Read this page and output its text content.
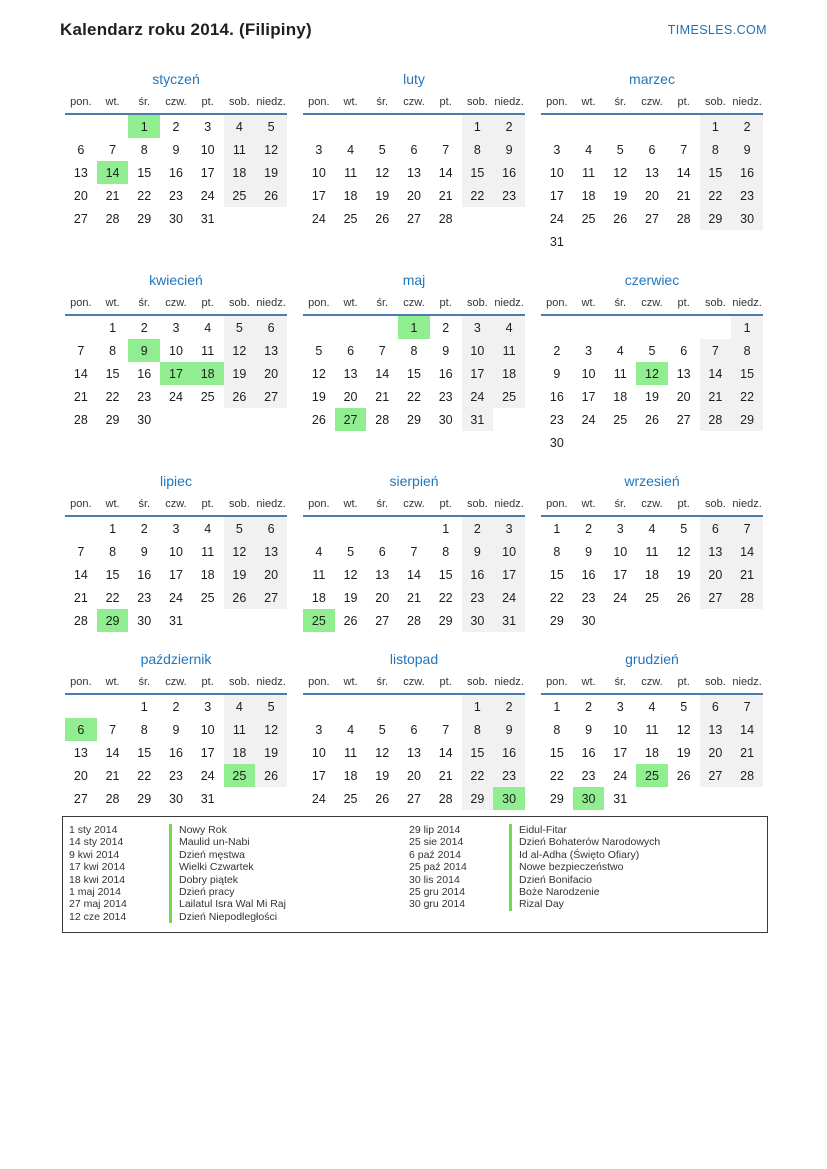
Kalendarz roku 2014. (Filipiny)	TIMESLES.COM
styczeń
pon.	wt.	śr.	czw.	pt.	sob.	niedz.
		1	2	3	4	5
6	7	8	9	10	11	12
13	14	15	16	17	18	19
20	21	22	23	24	25	26
27	28	29	30	31		
luty
pon.	wt.	śr.	czw.	pt.	sob.	niedz.
					1	2
3	4	5	6	7	8	9
10	11	12	13	14	15	16
17	18	19	20	21	22	23
24	25	26	27	28		
marzec
pon.	wt.	śr.	czw.	pt.	sob.	niedz.
					1	2
3	4	5	6	7	8	9
10	11	12	13	14	15	16
17	18	19	20	21	22	23
24	25	26	27	28	29	30
31						
kwiecień
pon.	wt.	śr.	czw.	pt.	sob.	niedz.
	1	2	3	4	5	6
7	8	9	10	11	12	13
14	15	16	17	18	19	20
21	22	23	24	25	26	27
28	29	30				
maj
pon.	wt.	śr.	czw.	pt.	sob.	niedz.
			1	2	3	4
5	6	7	8	9	10	11
12	13	14	15	16	17	18
19	20	21	22	23	24	25
26	27	28	29	30	31	
czerwiec
pon.	wt.	śr.	czw.	pt.	sob.	niedz.
						1
2	3	4	5	6	7	8
9	10	11	12	13	14	15
16	17	18	19	20	21	22
23	24	25	26	27	28	29
30						
lipiec
pon.	wt.	śr.	czw.	pt.	sob.	niedz.
	1	2	3	4	5	6
7	8	9	10	11	12	13
14	15	16	17	18	19	20
21	22	23	24	25	26	27
28	29	30	31			
sierpień
pon.	wt.	śr.	czw.	pt.	sob.	niedz.
				1	2	3
4	5	6	7	8	9	10
11	12	13	14	15	16	17
18	19	20	21	22	23	24
25	26	27	28	29	30	31
wrzesień
pon.	wt.	śr.	czw.	pt.	sob.	niedz.
1	2	3	4	5	6	7
8	9	10	11	12	13	14
15	16	17	18	19	20	21
22	23	24	25	26	27	28
29	30					
październik
pon.	wt.	śr.	czw.	pt.	sob.	niedz.
		1	2	3	4	5
6	7	8	9	10	11	12
13	14	15	16	17	18	19
20	21	22	23	24	25	26
27	28	29	30	31		
listopad
pon.	wt.	śr.	czw.	pt.	sob.	niedz.
					1	2
3	4	5	6	7	8	9
10	11	12	13	14	15	16
17	18	19	20	21	22	23
24	25	26	27	28	29	30
grudzień
pon.	wt.	śr.	czw.	pt.	sob.	niedz.
1	2	3	4	5	6	7
8	9	10	11	12	13	14
15	16	17	18	19	20	21
22	23	24	25	26	27	28
29	30	31				
1 sty 2014	Nowy Rok
14 sty 2014	Maulid un-Nabi
9 kwi 2014	Dzień męstwa
17 kwi 2014	Wielki Czwartek
18 kwi 2014	Dobry piątek
1 maj 2014	Dzień pracy
27 maj 2014	Lailatul Isra Wal Mi Raj
12 cze 2014	Dzień Niepodległości
29 lip 2014	Eidul-Fitar
25 sie 2014	Dzień Bohaterów Narodowych
6 paź 2014	Id al-Adha (Święto Ofiary)
25 paź 2014	Nowe bezpieczeństwo
30 lis 2014	Dzień Bonifacio
25 gru 2014	Boże Narodzenie
30 gru 2014	Rizal Day
